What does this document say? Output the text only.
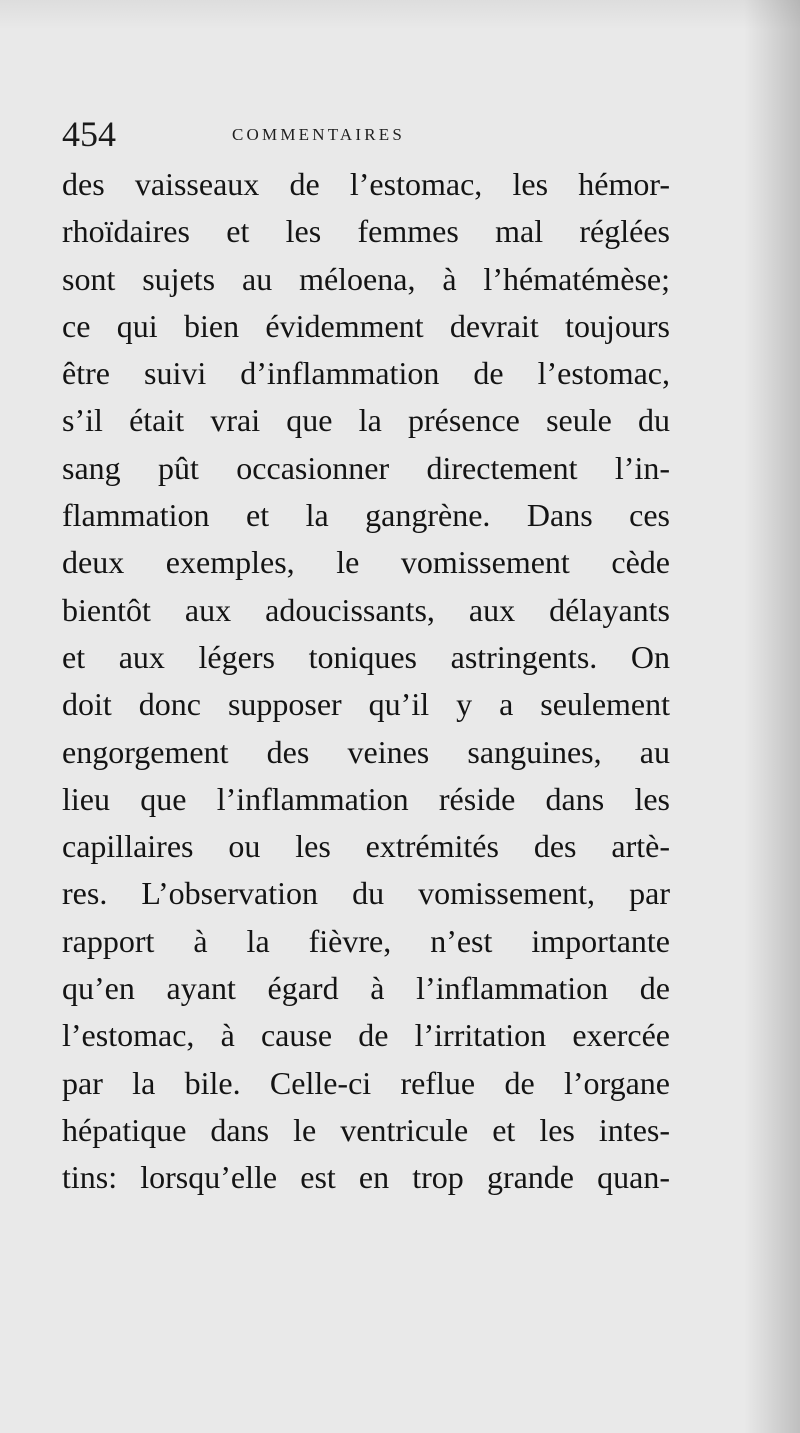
454	COMMENTAIRES
des vaisseaux de l’estomac, les hémor-
rhoïdaires et les femmes mal réglées
sont sujets au méloena, à l’hématémèse;
ce qui bien évidemment devrait toujours
être suivi d’inflammation de l’estomac,
s’il était vrai que la présence seule du
sang pût occasionner directement l’in-
flammation et la gangrène. Dans ces
deux exemples, le vomissement cède
bientôt aux adoucissants, aux délayants
et aux légers toniques astringents. On
doit donc supposer qu’il y a seulement
engorgement des veines sanguines, au
lieu que l’inflammation réside dans les
capillaires ou les extrémités des artè-
res. L’observation du vomissement, par
rapport à la fièvre, n’est importante
qu’en ayant égard à l’inflammation de
l’estomac, à cause de l’irritation exercée
par la bile. Celle-ci reflue de l’organe
hépatique dans le ventricule et les intes-
tins: lorsqu’elle est en trop grande quan-
